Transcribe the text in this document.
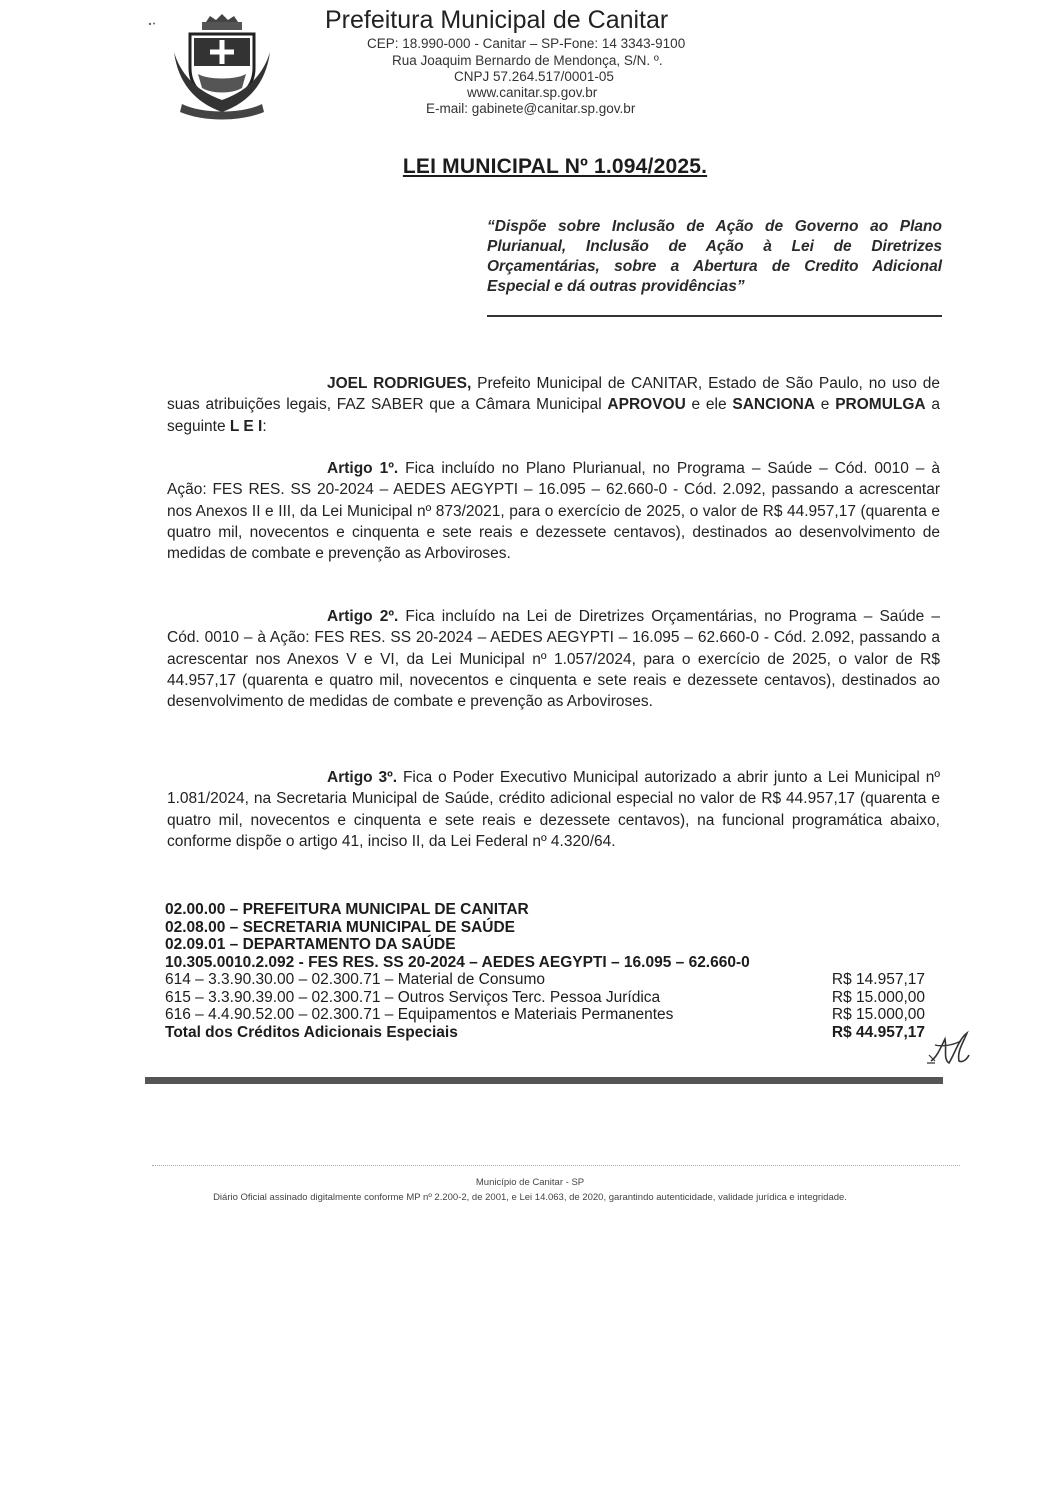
Prefeitura Municipal de Canitar
CEP: 18.990-000 - Canitar – SP-Fone: 14 3343-9100
Rua Joaquim Bernardo de Mendonça, S/N. º.
CNPJ 57.264.517/0001-05
www.canitar.sp.gov.br
E-mail: gabinete@canitar.sp.gov.br
LEI MUNICIPAL Nº 1.094/2025.
“Dispõe sobre Inclusão de Ação de Governo ao Plano Plurianual, Inclusão de Ação à Lei de Diretrizes Orçamentárias, sobre a Abertura de Credito Adicional Especial e dá outras providências”
JOEL RODRIGUES, Prefeito Municipal de CANITAR, Estado de São Paulo, no uso de suas atribuições legais, FAZ SABER que a Câmara Municipal APROVOU e ele SANCIONA e PROMULGA a seguinte L E I:
Artigo 1º. Fica incluído no Plano Plurianual, no Programa – Saúde – Cód. 0010 – à Ação: FES RES. SS 20-2024 – AEDES AEGYPTI – 16.095 – 62.660-0 - Cód. 2.092, passando a acrescentar nos Anexos II e III, da Lei Municipal nº 873/2021, para o exercício de 2025, o valor de R$ 44.957,17 (quarenta e quatro mil, novecentos e cinquenta e sete reais e dezessete centavos), destinados ao desenvolvimento de medidas de combate e prevenção as Arboviroses.
Artigo 2º. Fica incluído na Lei de Diretrizes Orçamentárias, no Programa – Saúde – Cód. 0010 – à Ação: FES RES. SS 20-2024 – AEDES AEGYPTI – 16.095 – 62.660-0 - Cód. 2.092, passando a acrescentar nos Anexos V e VI, da Lei Municipal nº 1.057/2024, para o exercício de 2025, o valor de R$ 44.957,17 (quarenta e quatro mil, novecentos e cinquenta e sete reais e dezessete centavos), destinados ao desenvolvimento de medidas de combate e prevenção as Arboviroses.
Artigo 3º. Fica o Poder Executivo Municipal autorizado a abrir junto a Lei Municipal nº 1.081/2024, na Secretaria Municipal de Saúde, crédito adicional especial no valor de R$ 44.957,17 (quarenta e quatro mil, novecentos e cinquenta e sete reais e dezessete centavos), na funcional programática abaixo, conforme dispõe o artigo 41, inciso II, da Lei Federal nº 4.320/64.
02.00.00 – PREFEITURA MUNICIPAL DE CANITAR
02.08.00 – SECRETARIA MUNICIPAL DE SAÚDE
02.09.01 – DEPARTAMENTO DA SAÚDE
10.305.0010.2.092 - FES RES. SS 20-2024 – AEDES AEGYPTI – 16.095 – 62.660-0
614 – 3.3.90.30.00 – 02.300.71 – Material de Consumo	R$ 14.957,17
615 – 3.3.90.39.00 – 02.300.71 – Outros Serviços Terc. Pessoa Jurídica	R$ 15.000,00
616 – 4.4.90.52.00 – 02.300.71 – Equipamentos e Materiais Permanentes	R$ 15.000,00
Total dos Créditos Adicionais Especiais	R$ 44.957,17
Município de Canitar - SP
Diário Oficial assinado digitalmente conforme MP nº 2.200-2, de 2001, e Lei 14.063, de 2020, garantindo autenticidade, validade jurídica e integridade.
